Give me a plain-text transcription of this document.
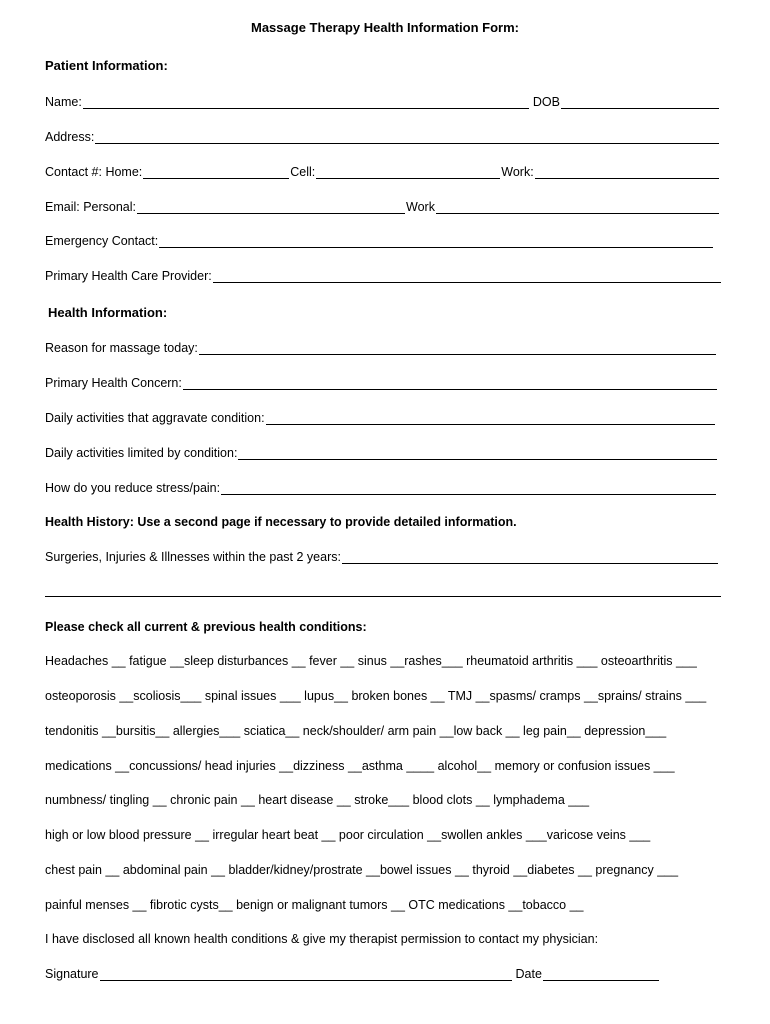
Massage Therapy Health Information Form:
Patient Information:
Name:	DOB
Address:
Contact #: Home:	Cell:	Work:
Email: Personal:	Work
Emergency Contact:
Primary Health Care Provider:
Health Information:
Reason for massage today:
Primary Health Concern:
Daily activities that aggravate condition:
Daily activities limited by condition:
How do you reduce stress/pain:
Health History: Use a second page if necessary to provide detailed information.
Surgeries, Injuries & Illnesses within the past 2 years:
Please check all current & previous health conditions:
Headaches __ fatigue __sleep disturbances __ fever __ sinus __rashes___ rheumatoid arthritis ___ osteoarthritis ___
osteoporosis __scoliosis___ spinal issues ___ lupus__ broken bones __ TMJ __spasms/ cramps __sprains/ strains ___
tendonitis __bursitis__ allergies___ sciatica__ neck/shoulder/ arm pain __low back __ leg pain__ depression___
medications __concussions/ head injuries __dizziness __asthma ____ alcohol__ memory or confusion issues ___
numbness/ tingling __ chronic pain __ heart disease __ stroke___ blood clots __ lymphadema ___
high or low blood pressure __ irregular heart beat __ poor circulation __swollen ankles ___varicose veins ___
chest pain __ abdominal pain __ bladder/kidney/prostrate __bowel issues __ thyroid __diabetes __ pregnancy ___
painful menses __ fibrotic cysts__ benign or malignant tumors __ OTC medications __tobacco __
I have disclosed all known health conditions & give my therapist permission to contact my physician:
Signature	Date
